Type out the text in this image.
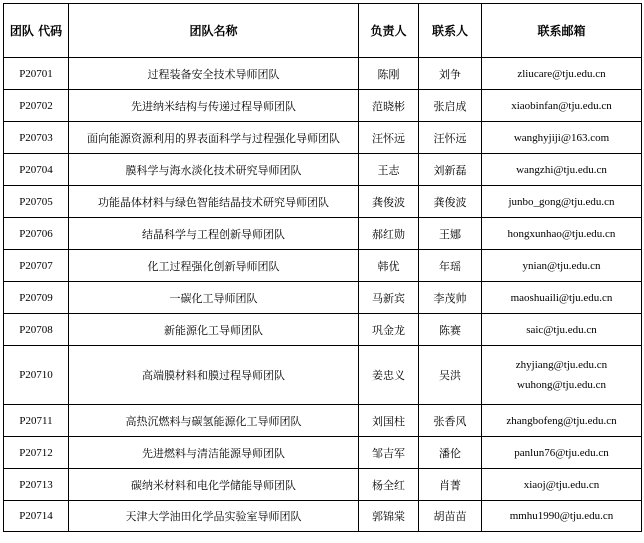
团队 代码	团队名称	负责人	联系人	联系邮箱
P20701	过程装备安全技术导师团队	陈刚	刘争	zliucare@tju.edu.cn

P20702	先进纳米结构与传递过程导师团队	范晓彬	张启成	xiaobinfan@tju.edu.cn

P20703	面向能源资源利用的界表面科学与过程强化导师团队	汪怀远	汪怀远	wanghyjiji@163.com

P20704	膜科学与海水淡化技术研究导师团队	王志	刘新磊	wangzhi@tju.edu.cn

P20705	功能晶体材料与绿色智能结晶技术研究导师团队	龚俊波	龚俊波	junbo_gong@tju.edu.cn

P20706	结晶科学与工程创新导师团队	郝红勋	王娜	hongxunhao@tju.edu.cn

P20707	化工过程强化创新导师团队	韩优	年瑶	ynian@tju.edu.cn

P20709	一碳化工导师团队	马新宾	李茂帅	maoshuaili@tju.edu.cn

P20708	新能源化工导师团队	巩金龙	陈赛	saic@tju.edu.cn

P20710	高端膜材料和膜过程导师团队	姜忠义	吴洪	zhyjiang@tju.edu.cn
wuhong@tju.edu.cn

P20711	高热沉燃料与碳氢能源化工导师团队	刘国柱	张香风	zhangbofeng@tju.edu.cn

P20712	先进燃料与清洁能源导师团队	邹吉军	潘伦	panlun76@tju.edu.cn

P20713	碳纳米材料和电化学储能导师团队	杨全红	肖菁	xiaoj@tju.edu.cn

P20714	天津大学油田化学品实验室导师团队	郭锦棠	胡苗苗	mmhu1990@tju.edu.cn
